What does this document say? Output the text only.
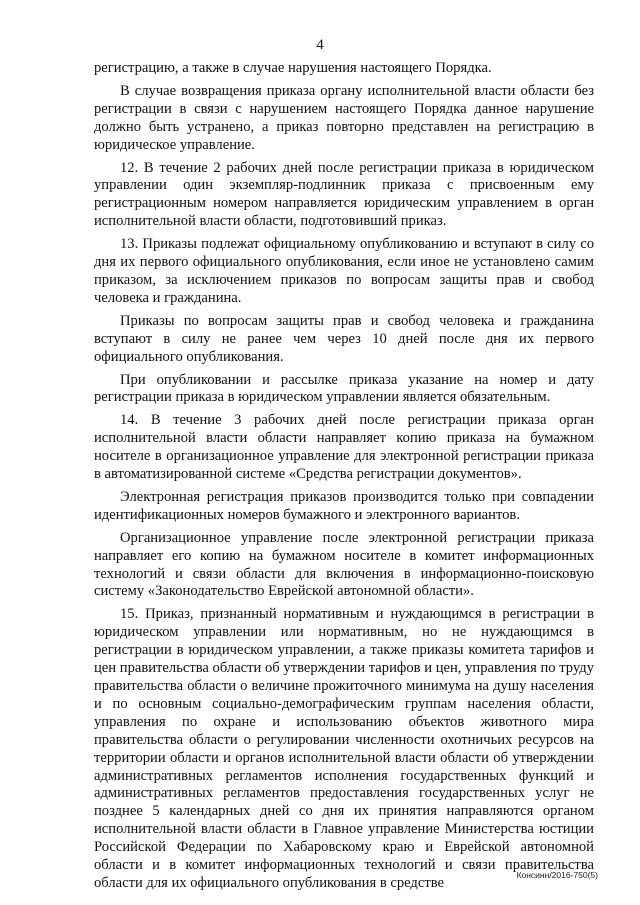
4

регистрацию, а также в случае нарушения настоящего Порядка.

В случае возвращения приказа органу исполнительной власти области без регистрации в связи с нарушением настоящего Порядка данное нарушение должно быть устранено, а приказ повторно представлен на регистрацию в юридическое управление.

12. В течение 2 рабочих дней после регистрации приказа в юридическом управлении один экземпляр-подлинник приказа с присвоенным ему регистрационным номером направляется юридическим управлением в орган исполнительной власти области, подготовивший приказ.

13. Приказы подлежат официальному опубликованию и вступают в силу со дня их первого официального опубликования, если иное не установлено самим приказом, за исключением приказов по вопросам защиты прав и свобод человека и гражданина.

Приказы по вопросам защиты прав и свобод человека и гражданина вступают в силу не ранее чем через 10 дней после дня их первого официального опубликования.

При опубликовании и рассылке приказа указание на номер и дату регистрации приказа в юридическом управлении является обязательным.

14. В течение 3 рабочих дней после регистрации приказа орган исполнительной власти области направляет копию приказа на бумажном носителе в организационное управление для электронной регистрации приказа в автоматизированной системе «Средства регистрации документов».

Электронная регистрация приказов производится только при совпадении идентификационных номеров бумажного и электронного вариантов.

Организационное управление после электронной регистрации приказа направляет его копию на бумажном носителе в комитет информационных технологий и связи области для включения в информационно-поисковую систему «Законодательство Еврейской автономной области».

15. Приказ, признанный нормативным и нуждающимся в регистрации в юридическом управлении или нормативным, но не нуждающимся в регистрации в юридическом управлении, а также приказы комитета тарифов и цен правительства области об утверждении тарифов и цен, управления по труду правительства области о величине прожиточного минимума на душу населения и по основным социально-демографическим группам населения области, управления по охране и использованию объектов животного мира правительства области о регулировании численности охотничьих ресурсов на территории области и органов исполнительной власти области об утверждении административных регламентов исполнения государственных функций и административных регламентов предоставления государственных услуг не позднее 5 календарных дней со дня их принятия направляются органом исполнительной власти области в Главное управление Министерства юстиции Российской Федерации по Хабаровскому краю и Еврейской автономной области и в комитет информационных технологий и связи правительства области для их официального опубликования в средстве	Консинн/2016-750(5)
